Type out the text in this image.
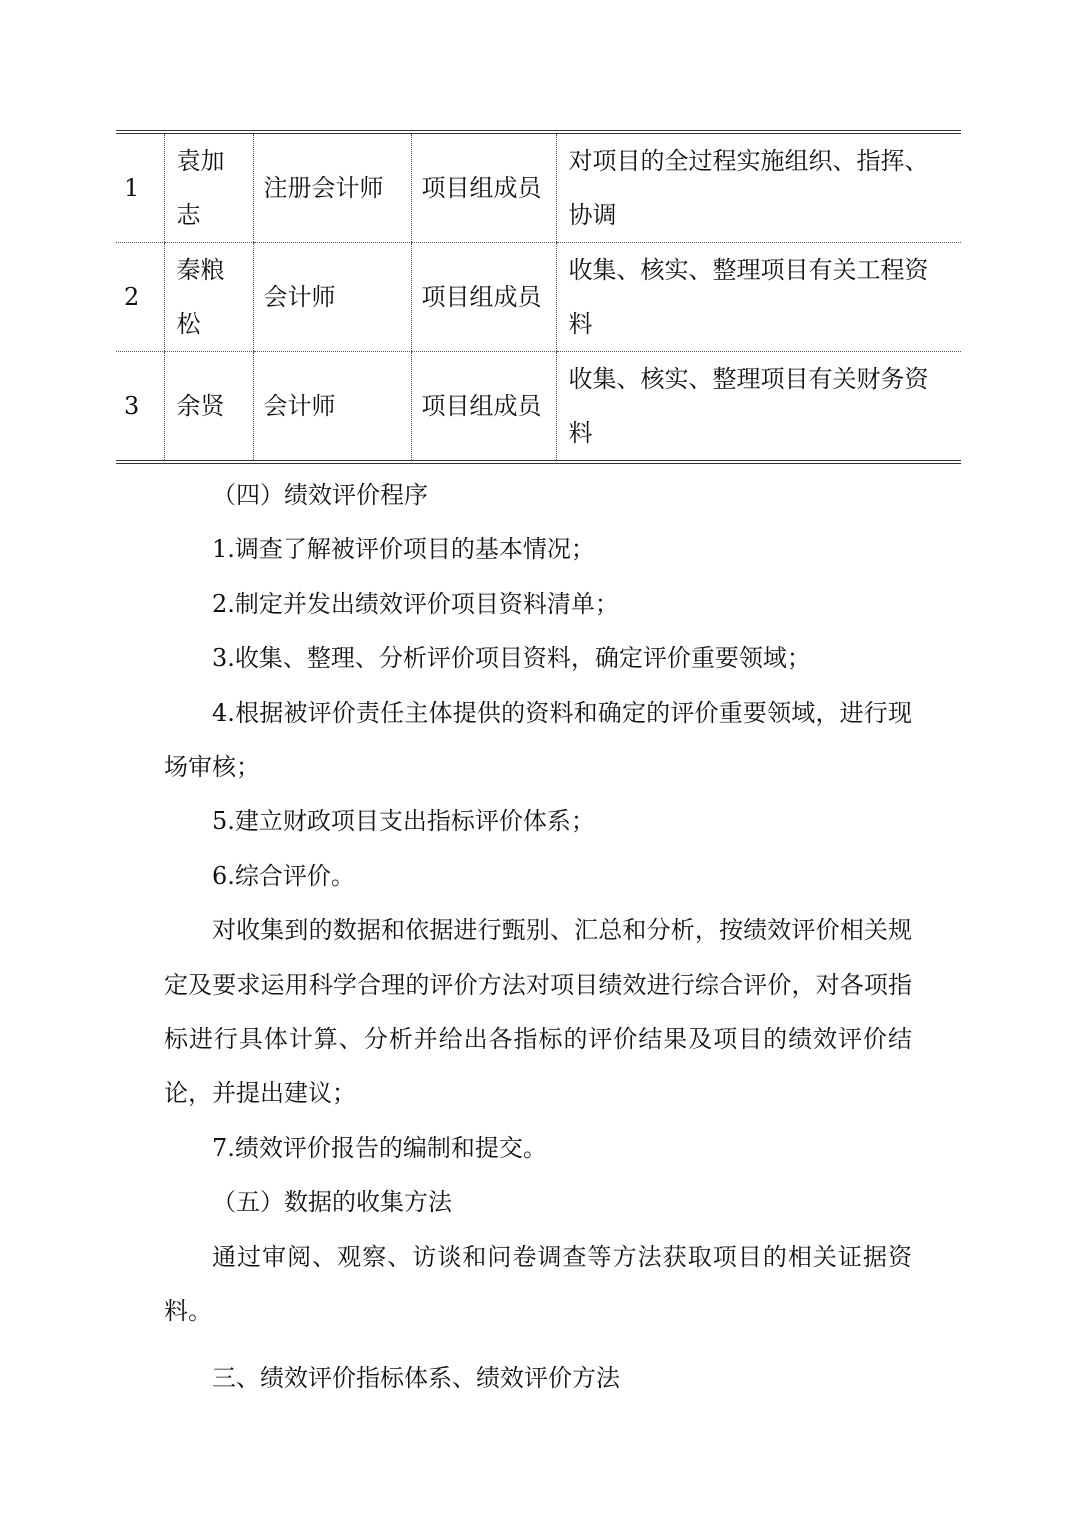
1	袁加志	注册会计师	项目组成员	对项目的全过程实施组织、指挥、协调
2	秦粮松	会计师	项目组成员	收集、核实、整理项目有关工程资料
3	余贤	会计师	项目组成员	收集、核实、整理项目有关财务资料

（四）绩效评价程序

1.调查了解被评价项目的基本情况；

2.制定并发出绩效评价项目资料清单；

3.收集、整理、分析评价项目资料，确定评价重要领域；

4.根据被评价责任主体提供的资料和确定的评价重要领域，进行现场审核；

5.建立财政项目支出指标评价体系；

6.综合评价。

对收集到的数据和依据进行甄别、汇总和分析，按绩效评价相关规定及要求运用科学合理的评价方法对项目绩效进行综合评价，对各项指标进行具体计算、分析并给出各指标的评价结果及项目的绩效评价结论，并提出建议；

7.绩效评价报告的编制和提交。

（五）数据的收集方法

通过审阅、观察、访谈和问卷调查等方法获取项目的相关证据资料。

三、绩效评价指标体系、绩效评价方法
